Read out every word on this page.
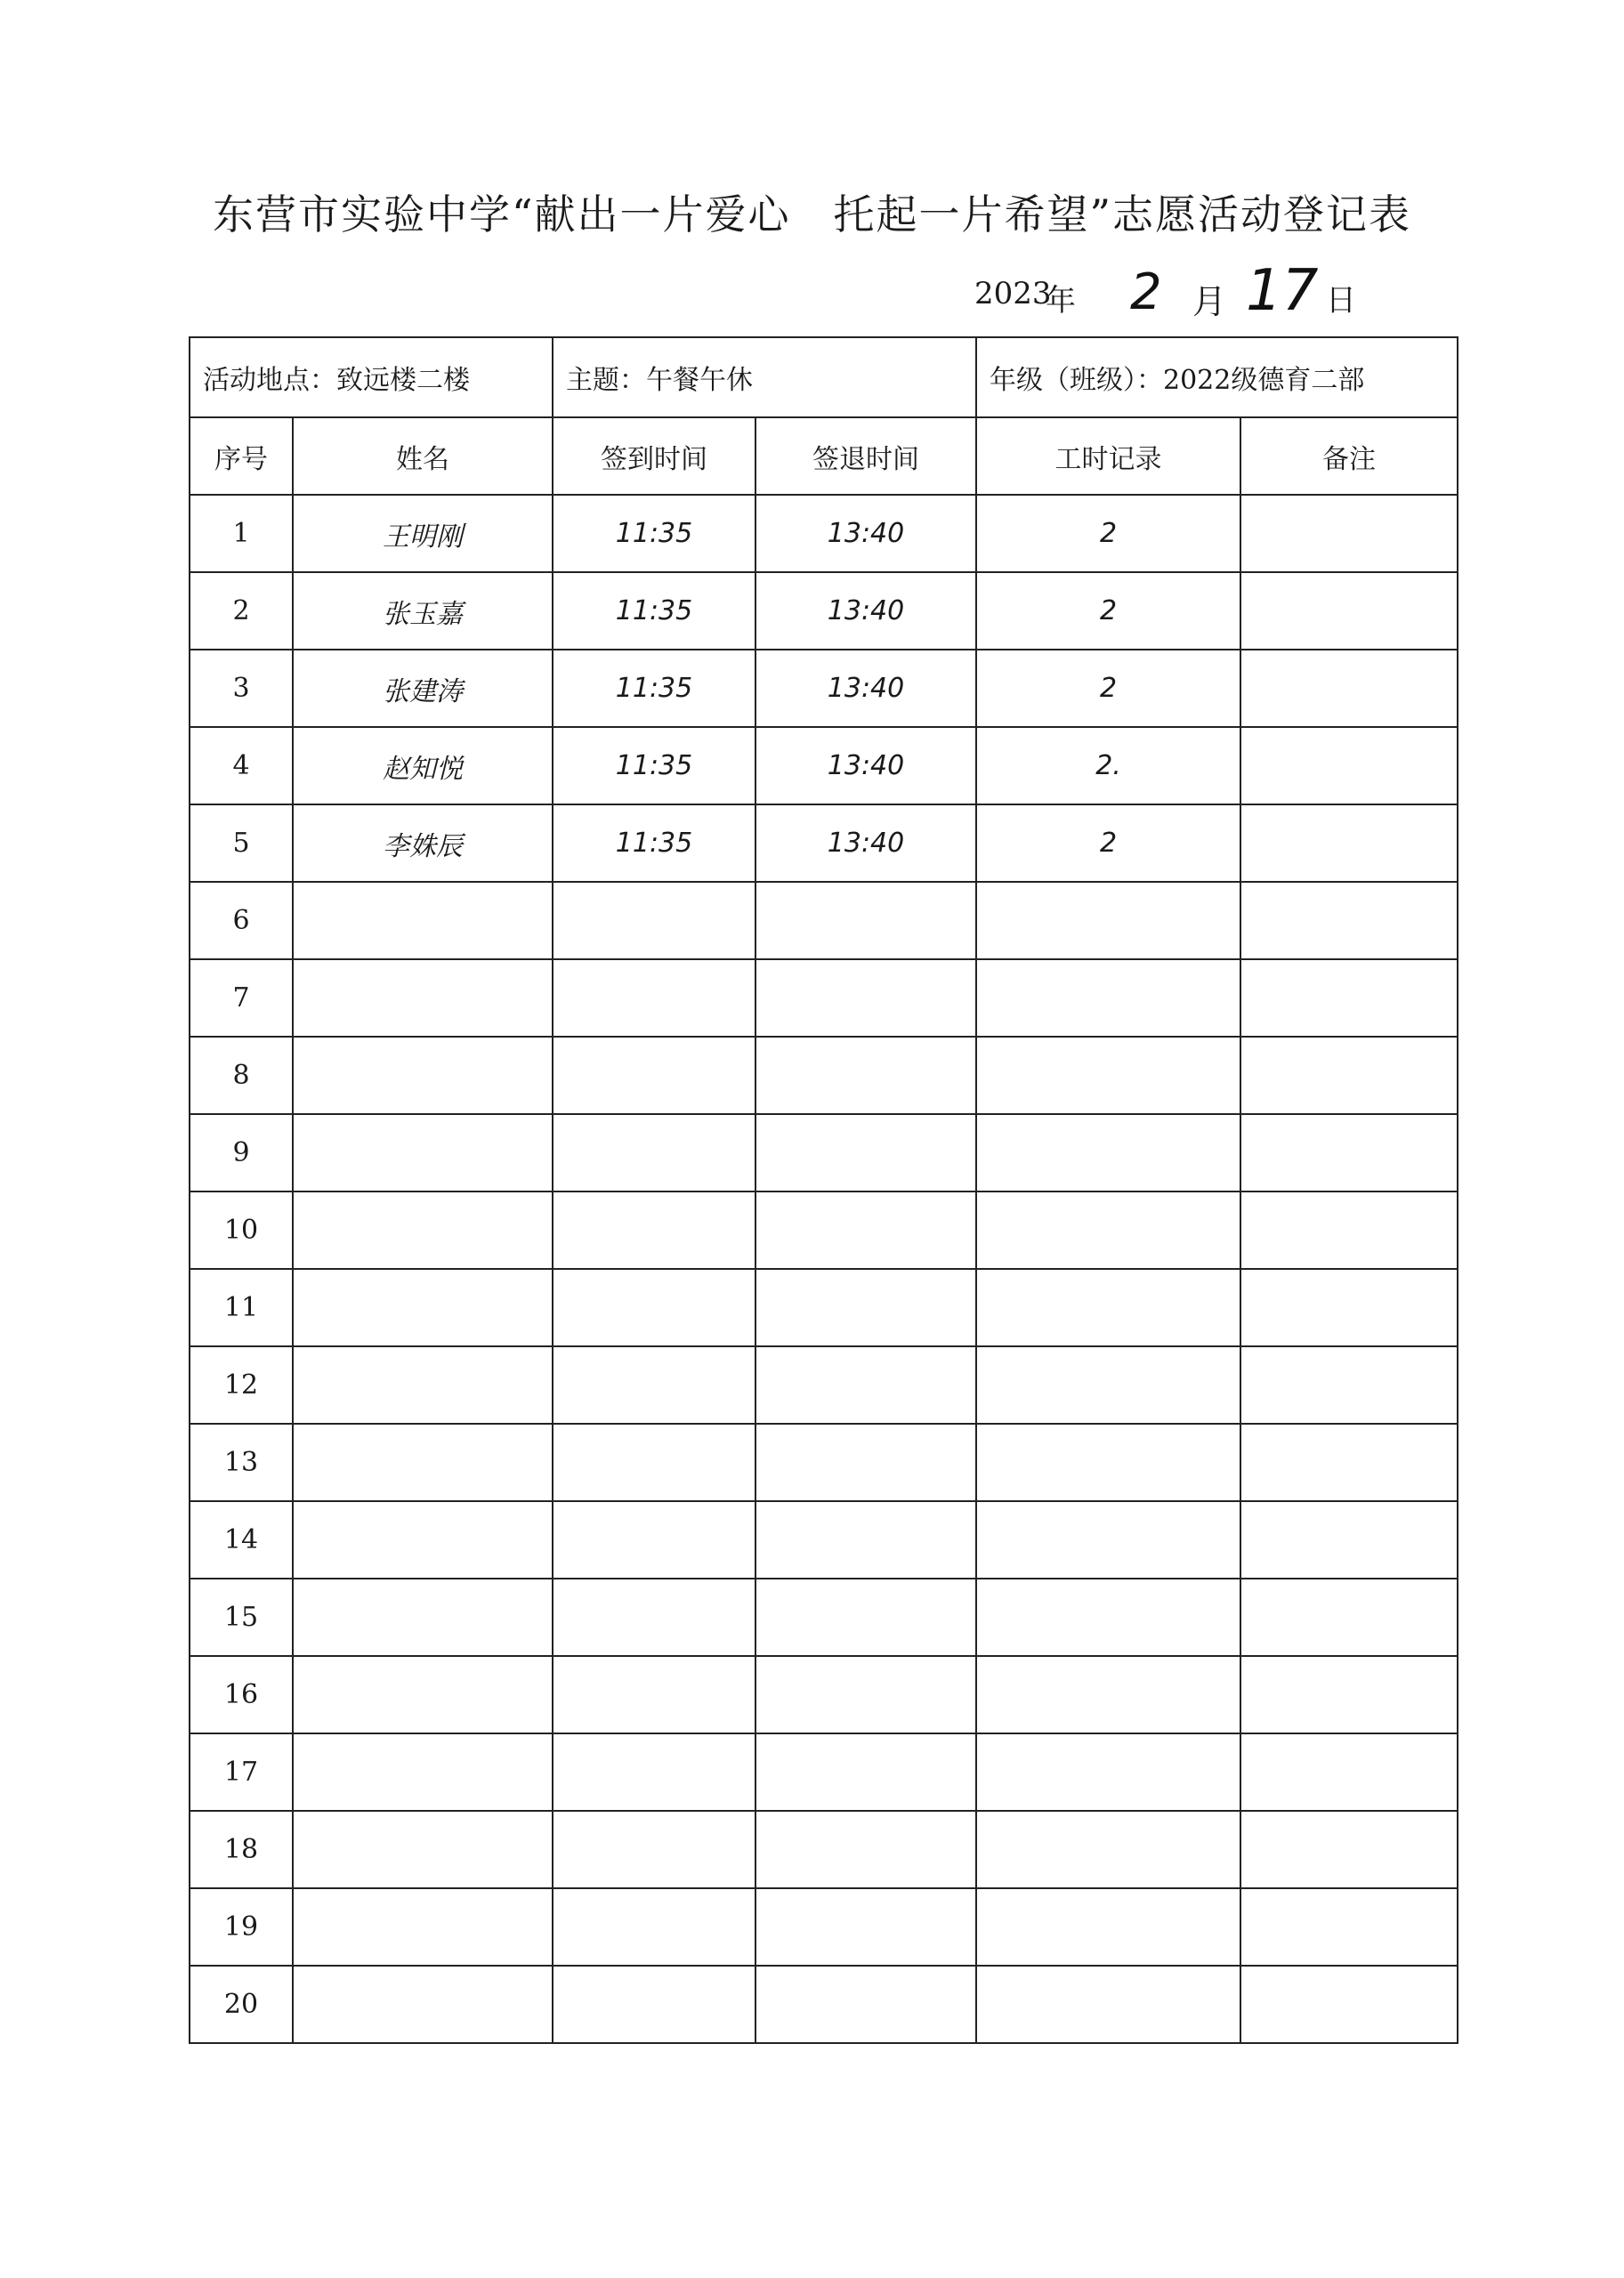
东营市实验中学“献出一片爱心　托起一片希望”志愿活动登记表
2023
年 2 月 17 日
活动地点：致远楼二楼		主题：午餐午休		年级（班级）：2022级德育二部	
序号	姓名	签到时间	签退时间	工时记录	备注
1	王明刚	11:35	13:40	2	
2	张玉嘉	11:35	13:40	2	
3	张建涛	11:35	13:40	2	
4	赵知悦	11:35	13:40	2.	
5	李姝辰	11:35	13:40	2	
6					
7					
8					
9					
10					
11					
12					
13					
14					
15					
16					
17					
18					
19					
20					
